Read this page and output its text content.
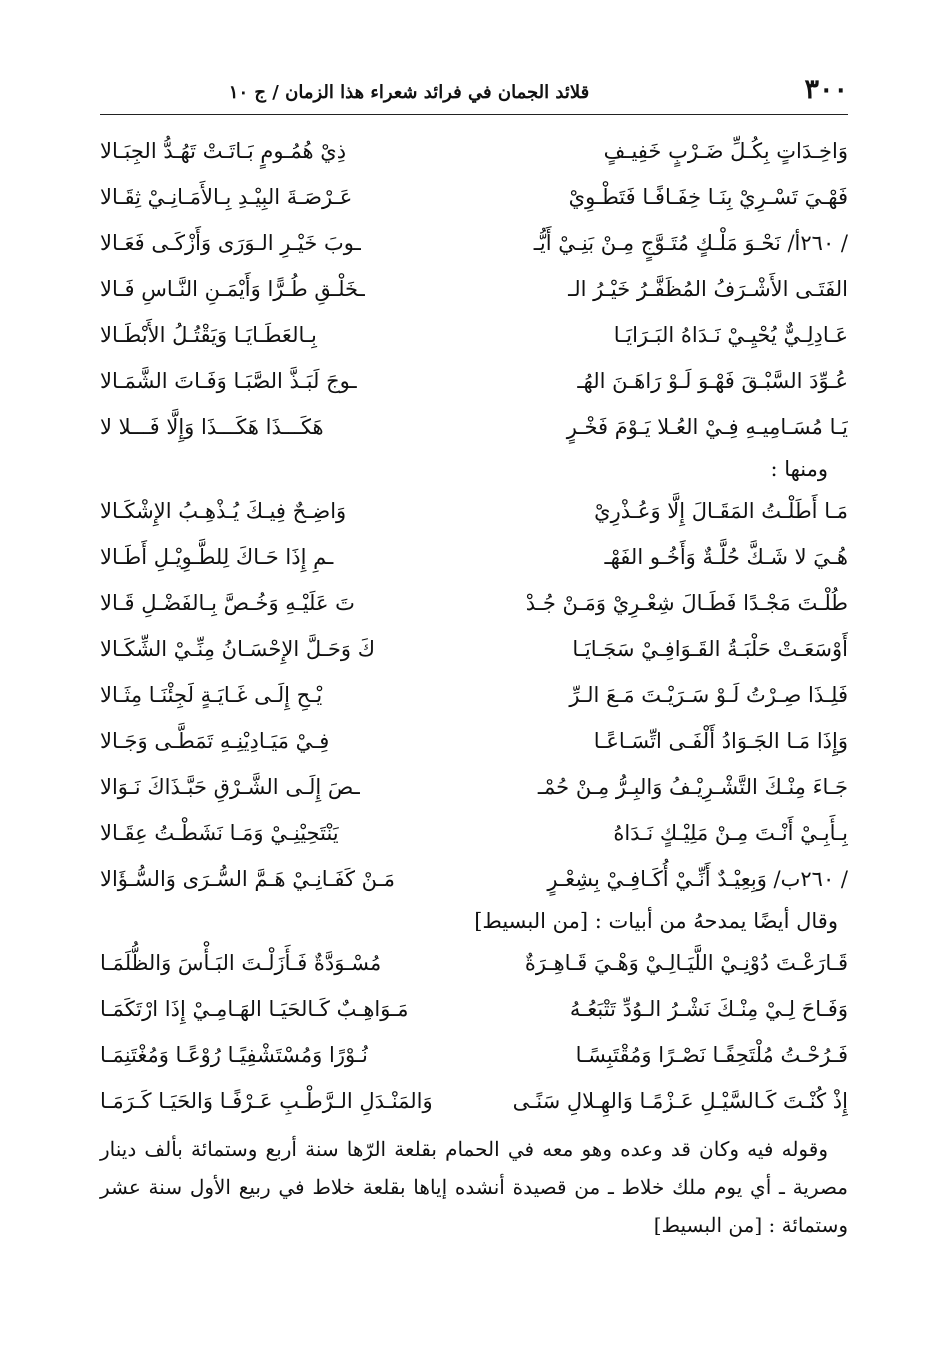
٣٠٠
قلائد الجمان في فرائد شعراء هذا الزمان / ج ١٠
وَاخِـدَاتٍ بِكُـلِّ ضَـرْبٍ خَفِيـفٍ
ذِيْ هُمُـومٍ بَـاتَـتْ تَهُـدُّ الجِبَـالا
فَهْـيَ تَسْـرِيْ بِنَـا خِفَـافًـا فَتَطْـوِيْ
عَـرْصَـةَ البِيْـدِ بِـالأَمَـانِـيْ ثِقَـالا
/ ٢٦٠أ/ نَحْـوَ مَلْـكٍ مُتَـوَّجٍ مِـنْ بَنِـيْ أَيُّـ
ـوبَ خَيْـرِ الـوَرَى وَأَزْكَـى فَعَـالا
الفَتَـى الأَشْـرَفُ المُظَفَّـرُ خَيْـرُ الـ
ـخَلْـقِ طُـرًّا وَأَيْمَـنِ النَّـاسِ فَـالا
عَـادِلِـيٌّ يُحْيِـيْ نَـدَاهُ البَـرَايَـا
بِـالعَطَـايَـا وَيَقْتُـلُ الأَبْطَـالا
عُـوِّدَ السَّبْـقَ فَهْـوَ لَـوْ رَاهَـنَ الهُـ
ـوجَ لَبَـذَّ الصَّبَـا وَفَـاتَ الشَّمَـالا
يَـا مُسَـامِيـهِ فِـيْ العُـلا يَـوْمَ فَخْـرٍ
هَكَـــذَا هَكَـــذَا وَإِلَّا فَـــلا لا
ومنها :
مَـا أَطَلْـتُ المَقَـالَ إِلَّا وَعُـذْرِيْ
وَاضِـحٌ فِيـكَ يُـذْهِـبُ الإِشْكَـالا
هُـيَ لا شَـكَّ حُلَّـةٌ وَأَخُـو الفَهْـ
ـمِ إِذَا حَـاكَ لِلطَّـوِيْـلِ أَطَـالا
طُلْـتَ مَجْـدًا فَطَـالَ شِعْـرِيْ وَمَـنْ جُـدْ
تَ عَلَيْـهِ وَخُـصَّ بِـالفَضْـلِ قَـالا
أَوْسَعَـتْ حَلْبَـةُ القَـوَافِـيْ سَجَـايَـا
كَ وَحَـلَّ الإِحْسَـانُ مِنِّـيْ الشِّكَـالا
فَلِـذَا صِـرْتُ لَـوْ سَـرَيْـتَ مَـعَ الـرِّ
يْـحِ إِلَـى غَـايَـةٍ لَجِئْنَـا مِثَـالا
وَإِذَا مَـا الجَـوَادُ أَلْفَـى اتِّسَـاعًـا
فِـيْ مَيَـادِيْنِـهِ تَمَطَّـى وَجَـالا
جَـاءَ مِنْـكَ التَّشْـرِيْـفُ وَالبِـرُّ مِـنْ حُمْـ
ـصَ إِلَـى الشَّـرْقِ حَبَّـذَاكَ نَـوَالا
بِـأَبِـيْ أَنْـتَ مِـنْ مَلِيْـكٍ نَـدَاهُ
يَنْتَحِيْنِـيْ وَمَـا نَشَطْـتُ عِقَـالا
/ ٢٦٠ب/ وَبِعِيْـدٌ أَنِّـيْ أُكَـافِـيْ بِشِعْـرٍ
مَـنْ كَفَـانِـيْ هَـمَّ السُّـرَى وَالسُّـؤَالا
وقال أيضًا يمدحهُ من أبيات : [من البسيط]
قَـارَعْـتَ دُوْنِـيْ اللَّيَـالِـيْ وَهْـيَ قَـاهِـرَةٌ
مُسْـوَدَّةٌ فَـأَزَلْـتَ البَـأْسَ وَالظُّلَمَـا
وَفَـاحَ لِـيْ مِنْـكَ نَشْـرُ الـوُدِّ تَتْبَعُـهُ
مَـوَاهِـبٌ كَـالحَيَـا الهَـامِـيْ إِذَا ارْتَكَمَـا
فَـرُحْـتُ مُلْتَحِفًـا نَصْـرًا وَمُقْتَبِسًـا
نُـوْرًا وَمُسْتَشْفِيًـا رُوْعًـا وَمُغْتَنِمَـا
إِذْ كُنْـتَ كَـالسَّيْـلِ عَـزْمًـا وَالهِـلالِ سَنًـى
وَالمَنْـدَلِ الـرَّطْـبِ عَـرْفًـا وَالحَيَـا كَـرَمَـا

وقوله فيه وكان قد وعده وهو معه في الحمام بقلعة الرّها سنة أربع وستمائة بألف دينار مصرية ـ أي يوم ملك خلاط ـ من قصيدة أنشده إياها بقلعة خلاط في ربيع الأول سنة عشر وستمائة : [من البسيط]
